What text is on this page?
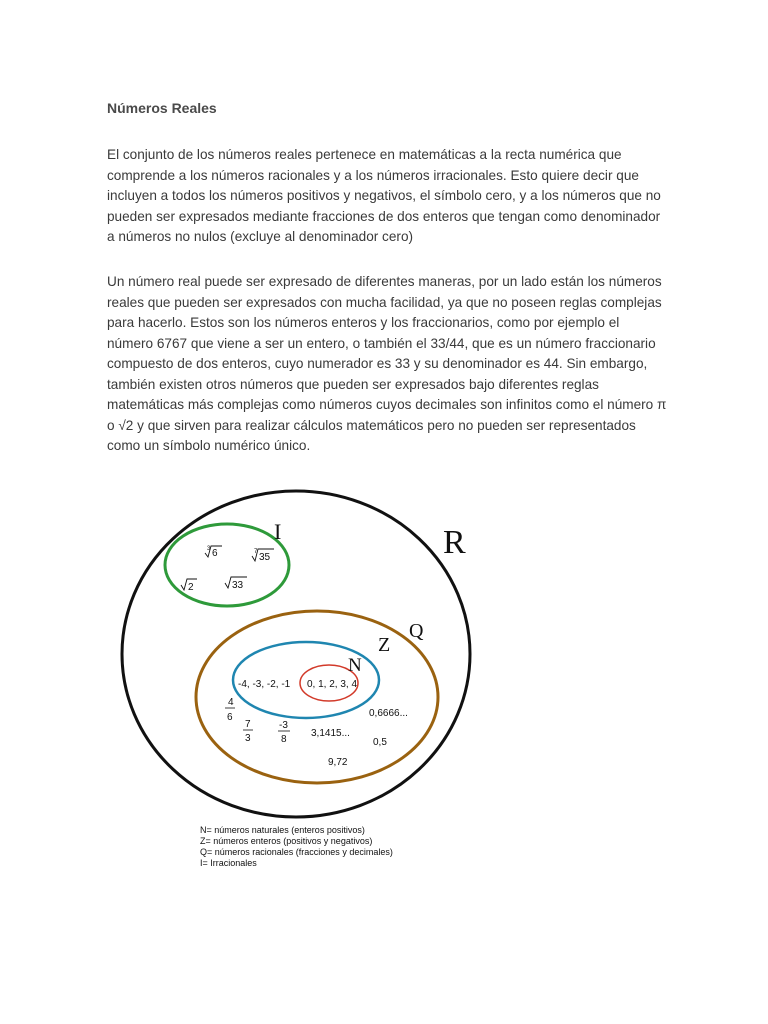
Números Reales

El conjunto de los números reales pertenece en matemáticas a la recta numérica que comprende a los números racionales y a los números irracionales. Esto quiere decir que incluyen a todos los números positivos y negativos, el símbolo cero, y a los números que no pueden ser expresados mediante fracciones de dos enteros que tengan como denominador a números no nulos (excluye al denominador cero)

Un número real puede ser expresado de diferentes maneras, por un lado están los números reales que pueden ser expresados con mucha facilidad, ya que no poseen reglas complejas para hacerlo. Estos son los números enteros y los fraccionarios, como por ejemplo el número 6767 que viene a ser un entero, o también el 33/44, que es un número fraccionario compuesto de dos enteros, cuyo numerador es 33 y su denominador es 44. Sin embargo, también existen otros números que pueden ser expresados bajo diferentes reglas matemáticas más complejas como números cuyos decimales son infinitos como el número π o √2 y que sirven para realizar cálculos matemáticos pero no pueden ser representados como un símbolo numérico único.

R
I
Q
Z
N
3 6	7 35
2	33
-4, -3, -2, -1 0, 1, 2, 3, 4
4
6
7
3
-3
8
0,6666...
3,1415...
0,5
9,72
N= números naturales (enteros positivos)
Z= números enteros (positivos y negativos)
Q= números racionales (fracciones y decimales)
I= Irracionales
